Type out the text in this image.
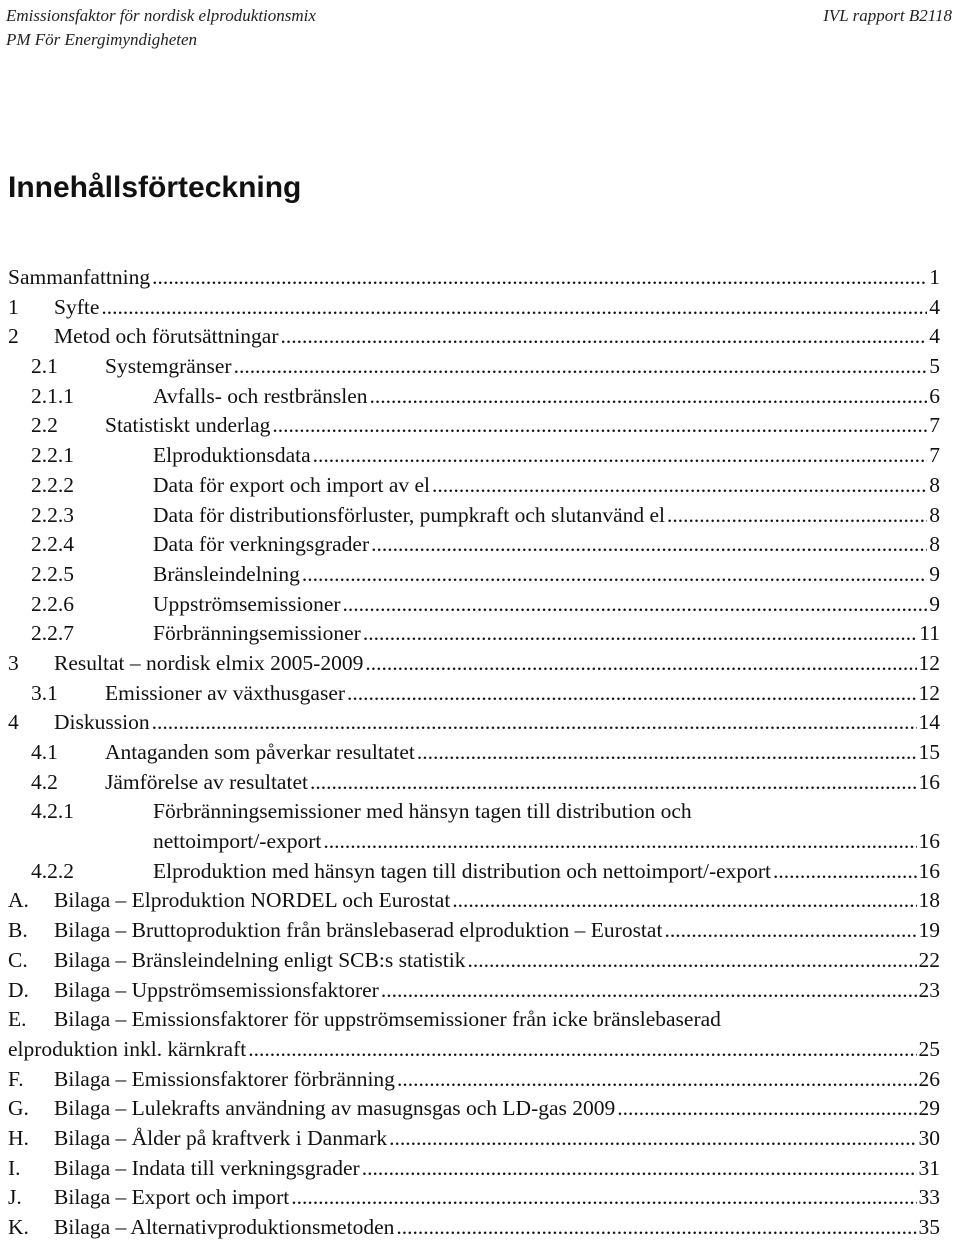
Emissionsfaktor för nordisk elproduktionsmix
PM För Energimyndigheten
IVL rapport B2118
Innehållsförteckning
Sammanfattning .....	1
1	Syfte .....	4
2	Metod och förutsättningar .....	4
2.1	Systemgränser .....	5
2.1.1	Avfalls- och restbränslen .....	6
2.2	Statistiskt underlag .....	7
2.2.1	Elproduktionsdata .....	7
2.2.2	Data för export och import av el .....	8
2.2.3	Data för distributionsförluster, pumpkraft och slutanvänd el .....	8
2.2.4	Data för verkningsgrader .....	8
2.2.5	Bränsleindelning .....	9
2.2.6	Uppströmsemissioner .....	9
2.2.7	Förbränningsemissioner .....	11
3	Resultat – nordisk elmix 2005-2009 .....	12
3.1	Emissioner av växthusgaser .....	12
4	Diskussion .....	14
4.1	Antaganden som påverkar resultatet .....	15
4.2	Jämförelse av resultatet .....	16
4.2.1	Förbränningsemissioner med hänsyn tagen till distribution och
nettoimport/-export .....	16
4.2.2	Elproduktion med hänsyn tagen till distribution och nettoimport/-export .....	16
A.	Bilaga – Elproduktion NORDEL och Eurostat .....	18
B.	Bilaga – Bruttoproduktion från bränslebaserad elproduktion – Eurostat .....	19
C.	Bilaga – Bränsleindelning enligt SCB:s statistik .....	22
D.	Bilaga – Uppströmsemissionsfaktorer .....	23
E.	Bilaga – Emissionsfaktorer för uppströmsemissioner från icke bränslebaserad
elproduktion inkl. kärnkraft .....	25
F.	Bilaga – Emissionsfaktorer förbränning .....	26
G.	Bilaga – Lulekrafts användning av masugnsgas och LD-gas 2009 .....	29
H.	Bilaga – Ålder på kraftverk i Danmark .....	30
I.	Bilaga – Indata till verkningsgrader .....	31
J.	Bilaga – Export och import .....	33
K.	Bilaga – Alternativproduktionsmetoden .....	35
